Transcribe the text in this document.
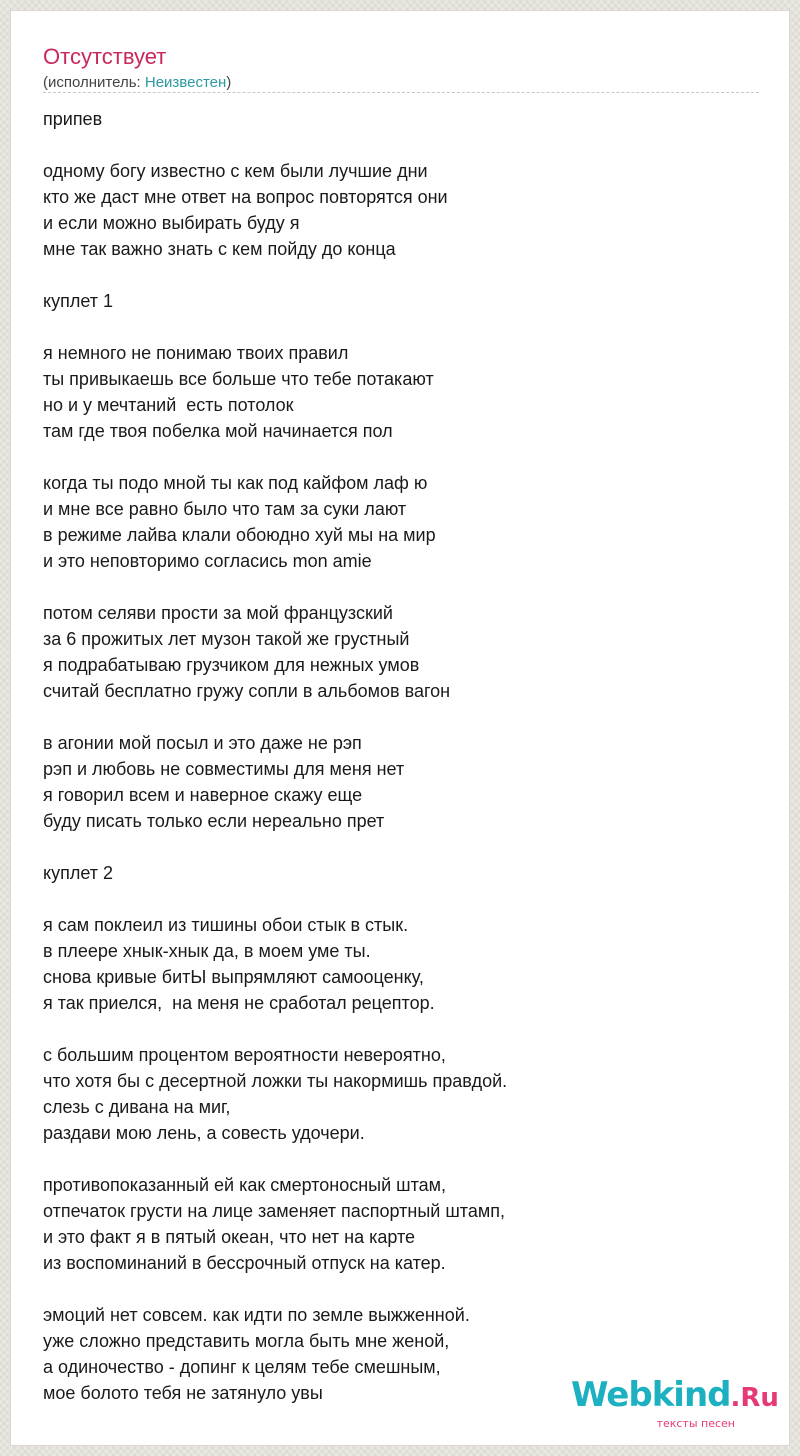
Отсутствует
(исполнитель: Неизвестен)
припев
одному богу известно с кем были лучшие дни
кто же даст мне ответ на вопрос повторятся они
и если можно выбирать буду я
мне так важно знать с кем пойду до конца
куплет 1
я немного не понимаю твоих правил
ты привыкаешь все больше что тебе потакают
но и у мечтаний  есть потолок
там где твоя побелка мой начинается пол
когда ты подо мной ты как под кайфом лаф ю
и мне все равно было что там за суки лают
в режиме лайва клали обоюдно хуй мы на мир
и это неповторимо согласись mon amie
потом селяви прости за мой французский
за 6 прожитых лет музон такой же грустный
я подрабатываю грузчиком для нежных умов
считай бесплатно гружу сопли в альбомов вагон
в агонии мой посыл и это даже не рэп
рэп и любовь не совместимы для меня нет
я говорил всем и наверное скажу еще
буду писать только если нереально прет
куплет 2
я сам поклеил из тишины обои стык в стык.
в плеере хнык-хнык да, в моем уме ты.
снова кривые битЫ выпрямляют самооценку,
я так приелся,  на меня не сработал рецептор.
с большим процентом вероятности невероятно,
что хотя бы с десертной ложки ты накормишь правдой.
слезь с дивана на миг,
раздави мою лень, а совесть удочери.
противопоказанный ей как смертоносный штам,
отпечаток грусти на лице заменяет паспортный штамп,
и это факт я в пятый океан, что нет на карте
из воспоминаний в бессрочный отпуск на катер.
эмоций нет совсем. как идти по земле выжженной.
уже сложно представить могла быть мне женой,
а одиночество - допинг к целям тебе смешным,
мое болото тебя не затянуло увы	Webkind.Ru
тексты песен
